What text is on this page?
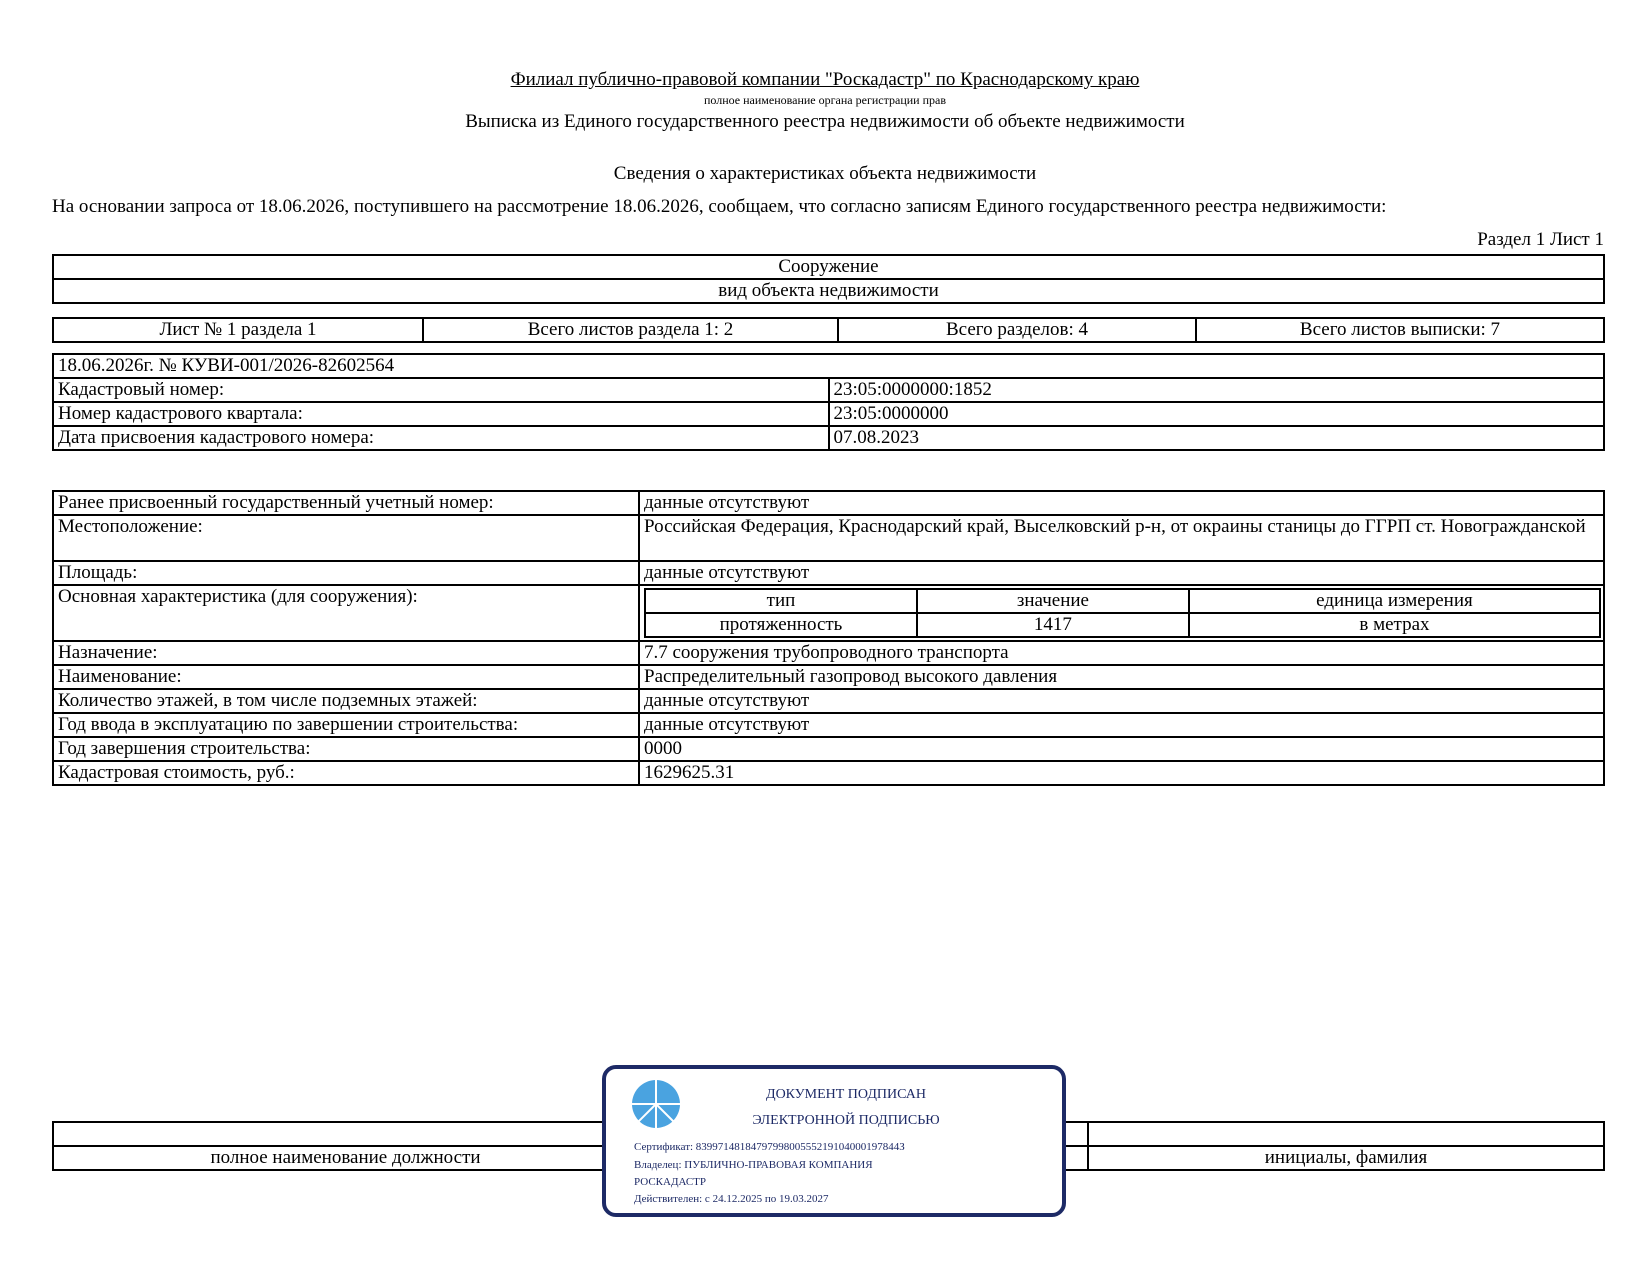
Филиал публично-правовой компании "Роскадастр" по Краснодарскому краю
полное наименование органа регистрации прав
Выписка из Единого государственного реестра недвижимости об объекте недвижимости
Сведения о характеристиках объекта недвижимости
На основании запроса от 18.06.2026, поступившего на рассмотрение 18.06.2026, сообщаем, что согласно записям Единого государственного реестра недвижимости:
Раздел 1 Лист 1
Сооружение
вид объекта недвижимости
Лист № 1 раздела 1	Всего листов раздела 1: 2	Всего разделов: 4	Всего листов выписки: 7
18.06.2026г. № КУВИ-001/2026-82602564	
Кадастровый номер:	23:05:0000000:1852
Номер кадастрового квартала:	23:05:0000000
Дата присвоения кадастрового номера:	07.08.2023
Ранее присвоенный государственный учетный номер:	данные отсутствуют
Местоположение:	Российская Федерация, Краснодарский край, Выселковский р-н, от окраины станицы до ГГРП ст. Новогражданской
Площадь:	данные отсутствуют
Основная характеристика (для сооружения):		тип	значение	единица измерения
протяженность	1417	в метрах

Назначение:	7.7 сооружения трубопроводного транспорта
Наименование:	Распределительный газопровод высокого давления
Количество этажей, в том числе подземных этажей:	данные отсутствуют
Год ввода в эксплуатацию по завершении строительства:	данные отсутствуют
Год завершения строительства:	0000
Кадастровая стоимость, руб.:	1629625.31

полное наименование должности		инициалы, фамилия
ДОКУМЕНТ ПОДПИСАН
ЭЛЕКТРОННОЙ ПОДПИСЬЮ
Сертификат: 8399714818479799800555219104000197844З
Владелец: ПУБЛИЧНО-ПРАВОВАЯ КОМПАНИЯ
РОСКАДАСТР
Действителен: с 24.12.2025 по 19.03.2027
